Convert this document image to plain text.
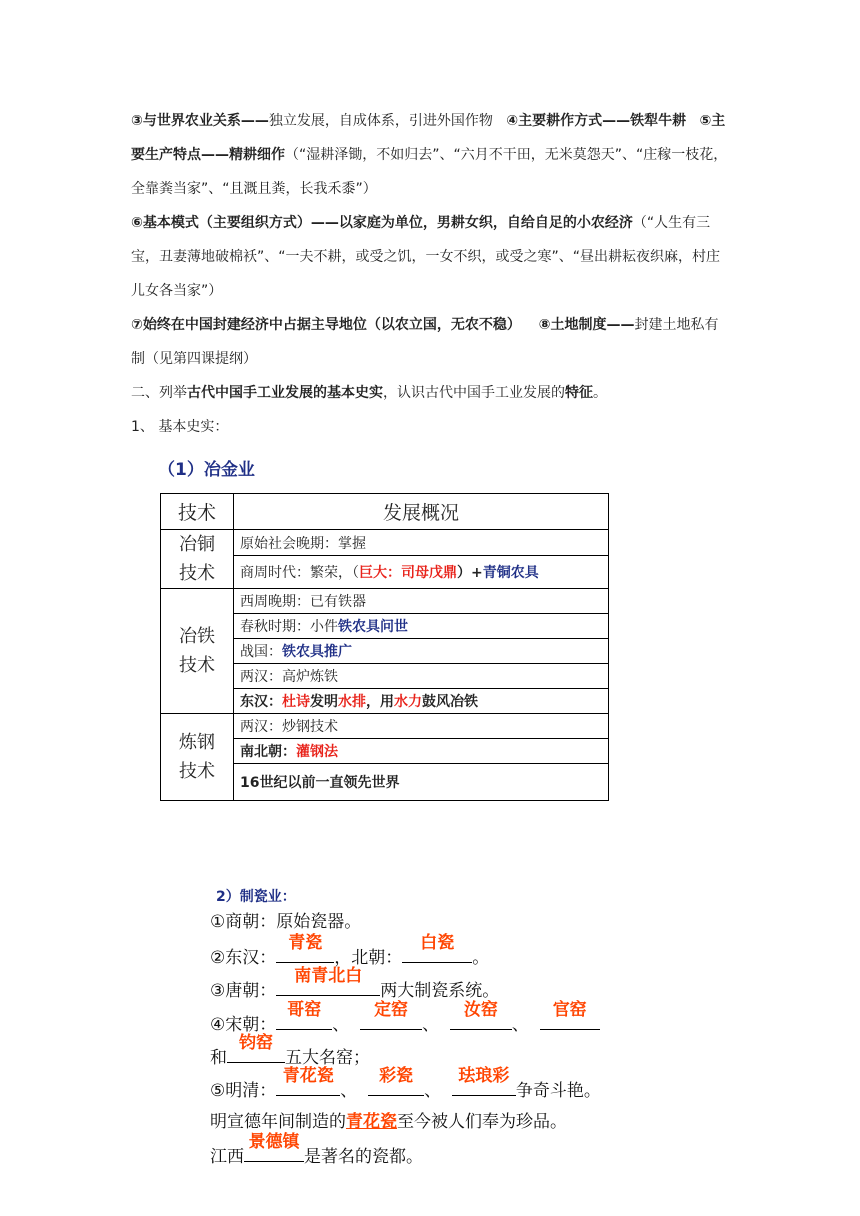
③与世界农业关系——独立发展，自成体系，引进外国作物 ④主要耕作方式——铁犁牛耕 ⑤主要生产特点——精耕细作（“湿耕泽锄，不如归去”、“六月不干田，无米莫怨天”、“庄稼一枝花，全靠粪当家”、“且溉且粪，长我禾黍”）
⑥基本模式（主要组织方式）——以家庭为单位，男耕女织，自给自足的小农经济（“人生有三宝，丑妻薄地破棉袄”、“一夫不耕，或受之饥，一女不织，或受之寒”、“昼出耕耘夜织麻，村庄儿女各当家”）
⑦始终在中国封建经济中占据主导地位（以农立国，无农不稳） ⑧土地制度——封建土地私有制（见第四课提纲）
二、列举古代中国手工业发展的基本史实，认识古代中国手工业发展的特征。
1、 基本史实：
（1）冶金业
技术	发展概况
冶铜技术	原始社会晚期：掌握
	商周时代：繁荣，（巨大：司母戊鼎）+青铜农具
冶铁技术	西周晚期：已有铁器
	春秋时期：小件铁农具问世
	战国：铁农具推广
	两汉：高炉炼铁
	东汉：杜诗发明水排，用水力鼓风冶铁
炼钢技术	两汉：炒钢技术
	南北朝：灌钢法
	16世纪以前一直领先世界
2）制瓷业：
①商朝：原始瓷器。
②东汉：
青瓷
，北朝：
白瓷
。
③唐朝：
南青北白
两大制瓷系统。
④宋朝：
哥窑
、
定窑
、
汝窑
、
官窑
和
钧窑
五大名窑；
⑤明清：
青花瓷
、
彩瓷
、
珐琅彩
争奇斗艳。
明宣德年间制造的青花瓷至今被人们奉为珍品。
江西
景德镇
是著名的瓷都。
